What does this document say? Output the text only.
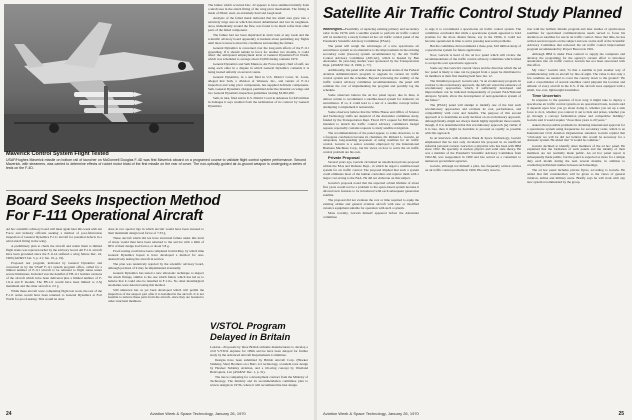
The failure which occurred Dec. 22 appears to have stemmed initially from a small area in the attach fitting of the wing pivot mechanism. The fitting is made of D6AC steel, an extremely hard and tough steel.

Analysis of the failed metal indicated that the small area grew into a relatively large area in which the metal delaminated and lost its toughness. Area, immediately around the flaw, was found to be much softer than other parts of the failed component.

The failure had not been duplicated in static tests at any loads and the scientific advisory board apparently is hesitant about permitting any flights until more is known about the conditions surrounding the failure.

General Dynamics is concerned over the long-term effects of the F-111 grounding. If it should remain in force for another two months, it could affect the anticipated employment level at General Dynamics/Fort Worth, which was scheduled to average about 23,000 during calendar 1970.

General Dynamics and Seth Munson, Air Force deputy chief of staff, are using each other in a dispute in which General Dynamics contends it is being treated unfairly on several counts.

General Dynamics, in a suit filed in U.S. District Court, St. Louis, alleged that Seth, a division of Westeen, Inc., and vendor of F-111 inspection and wing pivot components, has supplied deficient components. Seth, General Dynamics charged, permitted defective material on wings and two General Dynamics inspection guidelines totaling $3,902,269.

Seth, in turn, filed suit in U.S. District Court in Arkansas for $45 million in damages it says resulted from the termination of its contract by General Dynamics.

Maverick Control System Flight Tested
USAF/Hughes Maverick missile on bottom rail of launcher on McDonnell Douglas F-4D was first Maverick aboard on a programed course to validate flight control system performance. Second Maverick, with streamers, was carried to determine effects of rocket motor blast of the first missile on the rear of cover. The non-optically-guided air-to-ground weapon is undergoing a series of tests on the F-4D.
Board Seeks Inspection Method For F-111 Operational Aircraft

Ad hoc scientific advisory board will meet again later this week with Air Force and industry officials seeking a method of post-fabrication inspection of General Dynamics F-111 aircraft for potential defects in a wind attach fitting in the wing.

A preliminary plan to check the aircraft and return them to limited flight status was rejected earlier by the advisory board. All F-111 aircraft have been grounded since the F-111A suffered a wing failure Dec. 22, 1969 (AW&ST Jan. 5, p. 21; Jan. 19, p. 19).

Proposed test program, indicated by General Dynamics and concurred in by the USAF F-111 system program office, called for a limited number of F-111 aircraft to be returned to flight status under severe limitations. Included was the handful of FB-111 bomber versions of the aircraft which have been delivered plus a limited number of F-111A and E models. The FB-111 would have been limited to 2.5g maximum and the other aircraft to 2.5 g.

While these aircraft were completing flight test work, the rest of the F-111 series would have been returned to General Dynamics at Fort Worth for proof-testing. This would be done

done in two special rigs in which aircraft would have been stressed to their maximum design load factor of 7.33 g.

These aircraft which did not have structural failure under this level of stress would then have been returned to the service with a limit of 80% of their design load factor, or about 5.8 g.

Proof-testing could have been completed in mid-May, by which time General Dynamics hoped to have developed a method for non-destructively testing the aircraft in service.

The plan was tentatively rejected by the scientific advisory board, although portions of it may be implemented eventually.

General Dynamics has tested a new ultrasonic technique to inspect the attach fittings, similar to the one which failed, which has led us to believe that it could also be installed in F-111s. No other metallurgical anomalies were detected using this method.

Still unknown has as yet been developed which will permit the inspection of the suspect part after it is installed in the aircraft. It is not feasible to remove these parts from the aircraft, since they are bonded to other structural members.

V/STOL Program Delayed in Britain

London—Proposals by three British airframe manufacturers to develop a civil V/STOL airplane for 1990s service have been delayed for further study by the Advanced Aircraft Requirements Committee.

Designs have been submitted by British Aircraft Corp. (Hawker Siddeley, Short Brothers on a BAC-111 technology, a tandem rotor design by Hawker Siddeley Aviation, and a tilt-wing concept by Westland Helicopters, Ltd. (AW&ST Dec. 1, p. 31).

The ties is competing for a development contract from the Ministry of Technology. The ministry and its recommendation committee plan to review designs in 1970s, where it will recommend the best design.

24	Aviation Week & Space Technology, January 26, 1970
Satellite Air Traffic Control Study Planned

Washington—Feasibility of replacing existing primary and secondary radar in the 1970s with a satellite system to perform air traffic control will be studied by a newly formed ad hoc air traffic control panel of the President's Scientific Advisory Committee (PSAC).

The panel will weigh the advantages of a new spaceborne air surveillance system as an alternative to the improvements in the existing secondary radar (beacon) system recommended by the Air Traffic Control Advisory Committee (ATCAC), which is headed by Ben Alexander. Its year-long studies were sponsored by the Transportation Dept. (AW&ST Dec. 8, 1969, p. 77).

Additionally, the panel will evaluate the present status of the Federal Aviation Administration's program to upgrade its current air traffic control system and the schedule. Beyond reviewing the validity of the traffic control advisory committee recommendations, the panel will estimate the cost of implementing the program and possibly lag the schedule.

Some observers believe the ad hoc panel report, due in June, is almost certain to recommend a satellite-based system for domestic air surveillance. If so, it could lead to a test of a satellite concept before attempting to implement it nationwide.

Some observers believe that the White House and Office of Science and Technology staffs are skeptical of the Alexander committee study, funded by the Transportation Dept. Fiscal 1971 request for $50 million, intended to launch the traffic control advisory committee's budget request, reportedly contains requests to study satellite navigation.

The recommendations of the panel appear, to some observers, to be a foregone conclusion because its chairman, Dr. Richard L. Garwin, an outspoken, long-standing proponent of using satellites for air traffic control. Garwin is a senior scientist employed by the International Business Machines Corp., but his views on how to solve the air traffic control problem are his own.

Private Proposal

Several years ago, Garwin circulated an unsolicited private proposal within the FAA and Defense Dept., in which he urged a satellite-based system for air traffic control. The proposal implied that such a system could eliminate most of the human controllers and replace them with a major cost saving to the FAA. He did not elaborate on this subject.

Garwin's proposal noted that the expected orbital lifetime of about five years would not be a problem to the space-based system because it allowed new features to be introduced with each subsequent generation satellite.

The proposal did not evaluate the cost or time required to equip the existing airline and general aviation aircraft with new or modified avionics equipment suitable for operation with such a system.

More recently, Garwin himself appeared before the Alexander committee

to urge it to recommend a spaceborne air traffic control system. The committee concluded that while a spaceborne system appeared to hold promise for the more distant future, say in the 1990s, it could not become operational in time to solve pressing near-term problems.

But the committee did recommend a three-year, $10 million study of a spaceborne system for future application.

Now, Garwin is head of the ad hoc panel which will review the recommendations of the traffic control advisory committee which failed to accept his own spaceborne approach.

Some say that Garwin's current views and the direction which the ad hoc panel is likely to take can be gauged from a paper he distributed to its members at their first meeting held here Jan. 12.

The 'minimal proposal,' Garwin said, "is an evolutionary program. In contrast to the evolutionary approach, the ATCAC noted the existence of revolutionary approaches, which, if sufficiently developed and improvement can be indicated independently of present FAA/National Airspace System, allow the development of next-generation system of the future."

The [PSAC] panel will attempt to identify one of the best such revolutionary approaches and evaluate its cost, performance, and compatibility with costs and benefits. The purpose of this second approach is to determine an early decision on an evolutionary approach, although finally, might not always match highly significant more results, though, if it is determined that this revolutionary approach [is] viable; if it is true, then it might be desirable to proceed as rapidly as possible with this approach.

In an interview with Aviation Week & Space Technology, Garwin emphasized that he had only circulated his proposal in an unofficial informal personal context. Garwin is a physicist who has been with IBM since 1952. He specialty is nuclear physics and solid state theory. He was a member of the President's Scientific Advisory Committee from 1962-66, was reappointed in 1969 and has served as a consultant to numerous government agencies.

Garwin, although not himself a pilot, has frequently written articles on air traffic control problems in 1969. His early associa-

tion with the ballistic missile program and later studies of synchronous satellites for specialized communications needs served to focus his attention on satellites for use in air traffic control. Since that time, he has written several reports on the subject and was on the staff of the Scientific Advisory Committee that reviewed the air traffic control improvement program recommended by Project Beacon in 1961.

Although IBM is under FAA contract to supply the computers and develop the programing for the agency's current effort to introduce automation into air traffic control, Garwin has not been associated with this effort.

My view," Garwin said, "is that a satellite is just another way of communicating with an aircraft by line-of-sight. The value is that only a few satellites are needed to cover the country down to the ground." He said a consolidation of several satellites could pinpoint the location and altitude of every aircraft in the U.S. if the aircraft were equipped with a small, low-cost, lightweight transmitter.

Time Uncertain

In response to the question of how long it might take to deploy a spaceborne air traffic control system on an operational basis, Garwin said it depends upon how you go about doing it, whether you set up a task force to do it, whether you contract it out to bids and prizes, whether you go through a concept formulation phase and competitive bidding." Garwin said it would require "close three years to 20 years."

Asked about possible problems in obtaining international approval for a spaceborne system using frequencies for secondary radar, which is an International Civil Aviation Organization standard, Garwin replied that "obviously we will be did not believe this would be necessary for a domestic system. He added that "it would be common."

Garwin declined to identify other members of the ad hoc panel. He explained that the formation of such panels and the identity of their members are not normally made public. An ad hoc panel report is subsequently made public, but the panel is expected as more for a simple duty each month during the next several months, in addition to conducting individual studies between such meetings.

The ad hoc panel includes private flyers, according to Garwin. He added that full consideration will be given to the views of general aviation, airline and military users. Briefly says he will work with any new system recommended by the group.

Aviation Week & Space Technology, January 26, 1970	25
